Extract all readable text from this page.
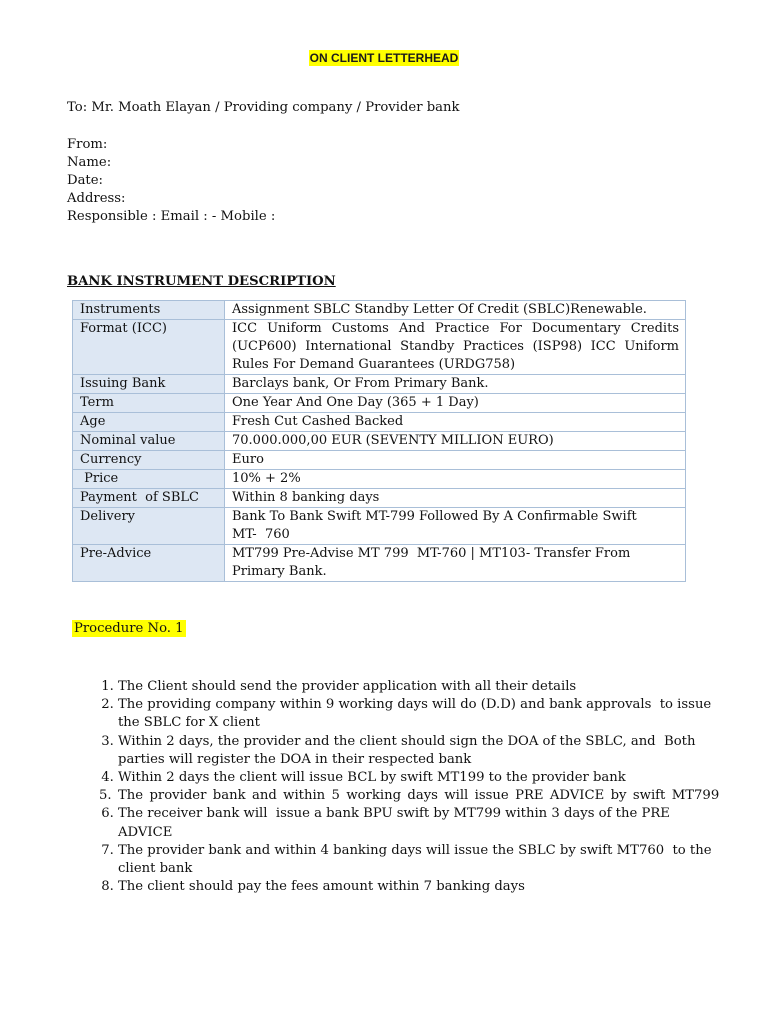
ON CLIENT LETTERHEAD
To: Mr. Moath Elayan / Providing company / Provider bank
From:
Name:
Date:
Address:
Responsible : Email : - Mobile :
BANK INSTRUMENT DESCRIPTION
Instruments	Assignment SBLC Standby Letter Of Credit (SBLC)Renewable.
Format (ICC)	ICC Uniform Customs And Practice For Documentary Credits (UCP600) International Standby Practices (ISP98) ICC Uniform Rules For Demand Guarantees (URDG758)
Issuing Bank	Barclays bank, Or From Primary Bank.
Term	One Year And One Day (365 + 1 Day)
Age	Fresh Cut Cashed Backed
Nominal value	70.000.000,00 EUR (SEVENTY MILLION EURO)
Currency	Euro
Price	10% + 2%
Payment  of SBLC	Within 8 banking days
Delivery	Bank To Bank Swift MT-799 Followed By A Confirmable Swift
MT-  760

Pre-Advice	MT799 Pre-Advise MT 799  MT-760 | MT103- Transfer From Primary Bank.
Procedure No. 1
1. The Client should send the provider application with all their details
2. The providing company within 9 working days will do (D.D) and bank approvals  to issue the SBLC for X client
3. Within 2 days, the provider and the client should sign the DOA of the SBLC, and  Both parties will register the DOA in their respected bank
4. Within 2 days the client will issue BCL by swift MT199 to the provider bank
5. The provider bank and within 5 working days will issue PRE ADVICE by swift MT799
6. The receiver bank will  issue a bank BPU swift by MT799 within 3 days of the PRE  ADVICE
7. The provider bank and within 4 banking days will issue the SBLC by swift MT760  to the client bank
8. The client should pay the fees amount within 7 banking days
